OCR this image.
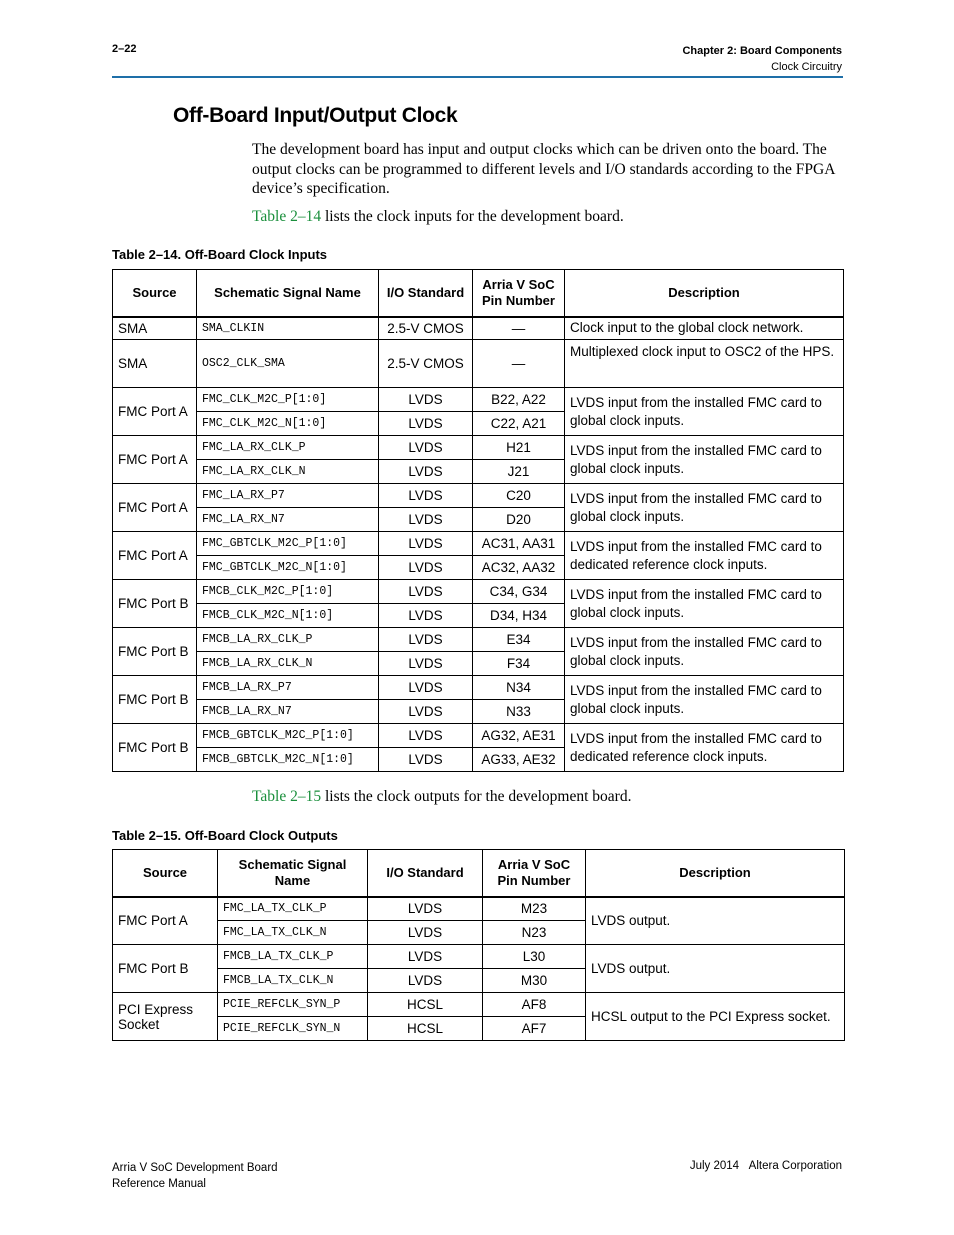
2–22	Chapter 2: Board Components
Clock Circuitry
Off-Board Input/Output Clock
The development board has input and output clocks which can be driven onto the board. The output clocks can be programmed to different levels and I/O standards according to the FPGA device’s specification.
Table 2–14 lists the clock inputs for the development board.
Table 2–14. Off-Board Clock Inputs
Source	Schematic Signal Name	I/O Standard	Arria V SoC Pin Number	Description
SMA	SMA_CLKIN	2.5-V CMOS	—	Clock input to the global clock network.
SMA	OSC2_CLK_SMA	2.5-V CMOS	—	Multiplexed clock input to OSC2 of the HPS.
FMC Port A	FMC_CLK_M2C_P[1:0]	LVDS	B22, A22	LVDS input from the installed FMC card to global clock inputs.
	FMC_CLK_M2C_N[1:0]	LVDS	C22, A21	
FMC Port A	FMC_LA_RX_CLK_P	LVDS	H21	LVDS input from the installed FMC card to global clock inputs.
	FMC_LA_RX_CLK_N	LVDS	J21	
FMC Port A	FMC_LA_RX_P7	LVDS	C20	LVDS input from the installed FMC card to global clock inputs.
	FMC_LA_RX_N7	LVDS	D20	
FMC Port A	FMC_GBTCLK_M2C_P[1:0]	LVDS	AC31, AA31	LVDS input from the installed FMC card to dedicated reference clock inputs.
	FMC_GBTCLK_M2C_N[1:0]	LVDS	AC32, AA32	
FMC Port B	FMCB_CLK_M2C_P[1:0]	LVDS	C34, G34	LVDS input from the installed FMC card to global clock inputs.
	FMCB_CLK_M2C_N[1:0]	LVDS	D34, H34	
FMC Port B	FMCB_LA_RX_CLK_P	LVDS	E34	LVDS input from the installed FMC card to global clock inputs.
	FMCB_LA_RX_CLK_N	LVDS	F34	
FMC Port B	FMCB_LA_RX_P7	LVDS	N34	LVDS input from the installed FMC card to global clock inputs.
	FMCB_LA_RX_N7	LVDS	N33	
FMC Port B	FMCB_GBTCLK_M2C_P[1:0]	LVDS	AG32, AE31	LVDS input from the installed FMC card to dedicated reference clock inputs.
	FMCB_GBTCLK_M2C_N[1:0]	LVDS	AG33, AE32	
Table 2–15 lists the clock outputs for the development board.
Table 2–15. Off-Board Clock Outputs
Source	Schematic Signal Name	I/O Standard	Arria V SoC Pin Number	Description
FMC Port A	FMC_LA_TX_CLK_P	LVDS	M23	LVDS output.
	FMC_LA_TX_CLK_N	LVDS	N23	
FMC Port B	FMCB_LA_TX_CLK_P	LVDS	L30	LVDS output.
	FMCB_LA_TX_CLK_N	LVDS	M30	
PCI Express Socket	PCIE_REFCLK_SYN_P	HCSL	AF8	HCSL output to the PCI Express socket.
	PCIE_REFCLK_SYN_N	HCSL	AF7	
Arria V SoC Development Board
Reference Manual
July 2014 Altera Corporation
